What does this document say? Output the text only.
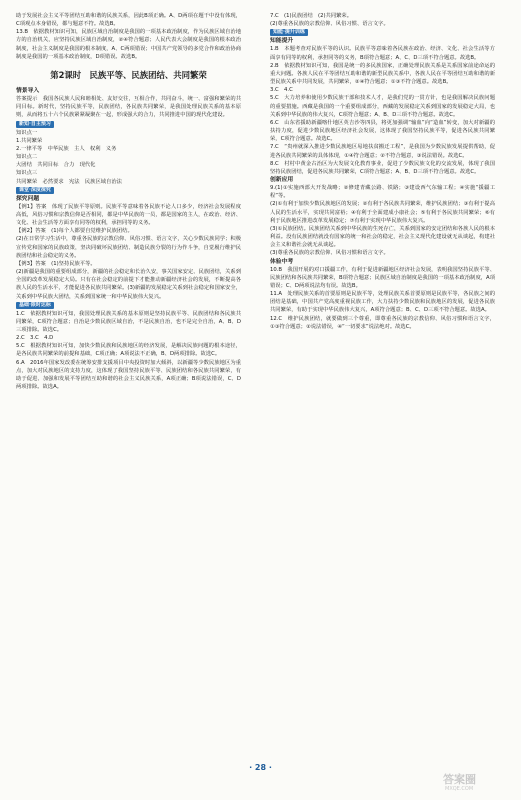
助于发展社会主义平等团结互助和谐的民族关系，因此B项正确。A、D两项在题干中没有体现，C项观点本身错误，都与题意不符。故选B。

13.B　依据教材知识可知，民族区域自治制度是我国的一项基本政治制度，作为民族区域自治地方的自治机关，应坚持民族区域自治制度，②④符合题意；人民代表大会制度是我国的根本政治制度，社会主义制度是我国的根本制度，A、C两项错误；中国共产党领导的多党合作和政治协商制度是我国的一项基本政治制度，D项错误。故选B。

第2课时　民族平等、民族团结、共同繁荣

情景导入

答案提示　我国各民族人民和睦相处、友好交往，互相合作，共同奋斗，统一、富强和繁荣的共同目标。新时代，坚持民族平等，民族团结，各民族共同繁荣，是我国处理民族关系的基本原则，从而将五十六个民族紧紧凝聚在一起，形成强大的合力，共同推进中国的现代化建设。

新知·自主预习

知识点一

1.共同繁荣

2.一律平等　中华民族　主人　权利　义务

知识点二

大团结　共同目标　合力　现代化

知识点三

共同繁荣　必然要求　宪法　民族区域自治法

课堂·深度探究

探究问题

【例1】答案　体现了民族平等原则。民族平等意味着各民族不论人口多少，经济社会发展程度高低，风俗习惯和宗教信仰是否相同，都是中华民族的一员，都是国家的主人，在政治、经济、文化、社会生活等方面享有同等的权利，承担同等的义务。

【例2】答案　(1)每个人都要自觉维护民族团结。

(2)在日常学习生活中，尊重各民族的宗教信仰、风俗习惯、语言文字，关心少数民族同学；积极宣传党和国家的民族政策，坚决同破坏民族团结、制造民族分裂的行为作斗争，自觉履行维护民族团结和社会稳定的义务。

【例3】答案　(1)坚持民族平等。

(2)新疆是我国的重要组成部分，新疆的社会稳定和长治久安，事关国家安定、民族团结，关系到全国的改革发展稳定大局。只有在社会稳定的前提下才能推动新疆经济社会的发展，不断提高各族人民的生活水平，才能促进各民族共同繁荣。(3)新疆的发展稳定关系到社会稳定和国家安全，关系到中华民族大团结，关系到国家统一和中华民族伟大复兴。

基础·限时达标

1.C　依据教材知识可知，我国处理民族关系的基本原则是坚持民族平等、民族团结和各民族共同繁荣，C项符合题意；自治是少数民族区域自治，不是民族自治，也不是完全自治，A、B、D三项排除。故选C。

2.C　3.C　4.D

5.C　根据教材知识可知，加快少数民族和民族地区的经济发展，是解决民族问题的根本途径，是各民族共同繁荣的前提和基础，C项正确；A项说法不正确，B、D两项排除。故选C。

6.A　2016年国家发改委在统筹安排支援项目中央投资时加大倾斜，以新疆等少数民族地区为重点，加大对民族地区的支持力度，这体现了我国坚持民族平等、民族团结和各民族共同繁荣，有助于促进、加强和发展平等团结互助和谐的社会主义民族关系，A项正确；B项说法错误，C、D两项排除。故选A。

7.C　(1)民族团结　(2)共同繁荣。

(2)尊重各民族的宗教信仰、风俗习惯、语言文字。

知能·提升训练

知能提升

1.B　本题考查对民族平等的认识。民族平等意味着各民族在政治、经济、文化、社会生活等方面享有同等的权利，承担同等的义务，B项符合题意；A、C、D三项不符合题意。故选B。

2.B　依据教材知识可知，我国是统一的多民族国家，正确处理民族关系是关系国家前途命运的重大问题。各族人民在平等团结互助和谐的新型民族关系中，各族人民在平等团结互助和谐的新型民族关系中共同发展，共同繁荣，②④符合题意；①③不符合题意。故选B。

3.C　4.C

5.C　大力培养和使用少数民族干部和技术人才，是我们党的一贯方针，也是我国解决民族问题的重要措施。西藏是我国的一个重要组成部分，西藏的发展稳定关系到国家的发展稳定大局，也关系到中华民族的伟大复兴，C项符合题意；A、B、D三项不符合题意。故选C。

6.C　山东省援助新疆喀什地区英吉沙等四县，将更加强调“输血”向“造血”转变，加大对新疆的扶持力度，促进少数民族地区经济社会发展，这体现了我国坚持民族平等，促进各民族共同繁荣，C项符合题意。故选C。

7.C　“贵州就深入推进少数民族地区易地扶贫搬迁工程”，是我国为少数民族发展提供帮助，促进各民族共同繁荣的具体体现，①④符合题意；②不符合题意，③说法错误。故选C。

8.C　村村中黄金古治区为大发展文化教育事业，促进了少数民族文化的交流发展，体现了我国坚持民族团结，促进各民族共同繁荣，C项符合题意；A、B、D三项不符合题意。故选C。

创新应用

9.(1)①实施西部大开发战略；②修建青藏公路、铁路；③建设西气东输工程；④实施“援疆工程”等。

(2)①有利于加快少数民族地区的发展；②有利于各民族共同繁荣，维护民族团结；③有利于提高人民的生活水平，实现共同富裕；④有利于全面建成小康社会；⑤有利于各民族共同繁荣；⑥有利于民族地区推进改革发展稳定；⑦有利于实现中华民族伟大复兴。

(3)①民族团结。民族团结关系到中华民族的生死存亡，关系到国家的安定团结和各族人民的根本利益。没有民族团结就没有国家的统一和社会的稳定，社会主义现代化建设就无从谈起，构建社会主义和谐社会就无从谈起。

(3)尊重各民族的宗教信仰、风俗习惯和语言文字。

体验中考

10.B　我国开展的对口援疆工作，有利于促进新疆地区经济社会发展，表明我国坚持民族平等、民族团结和各民族共同繁荣，B项符合题意；民族区域自治制度是我国的一项基本政治制度，A项错误；C、D两项说法均有误。故选B。

11.A　处理民族关系的首要原则是民族平等，处理民族关系首要原则是民族平等，各民族之间的团结是基础，中国共产党高度重视民族工作，大力扶持少数民族和民族地区的发展，促进各民族共同繁荣，有助于实现中华民族伟大复兴，A项符合题意；B、C、D三项不符合题意。故选A。

12.C　维护民族团结，就要做到三个尊重，即尊重各民族的宗教信仰、风俗习惯和语言文字，①③符合题意；②说法错误，④“一切要求”说法绝对。故选C。

· 28 ·
答案圈
MXQE.COM
